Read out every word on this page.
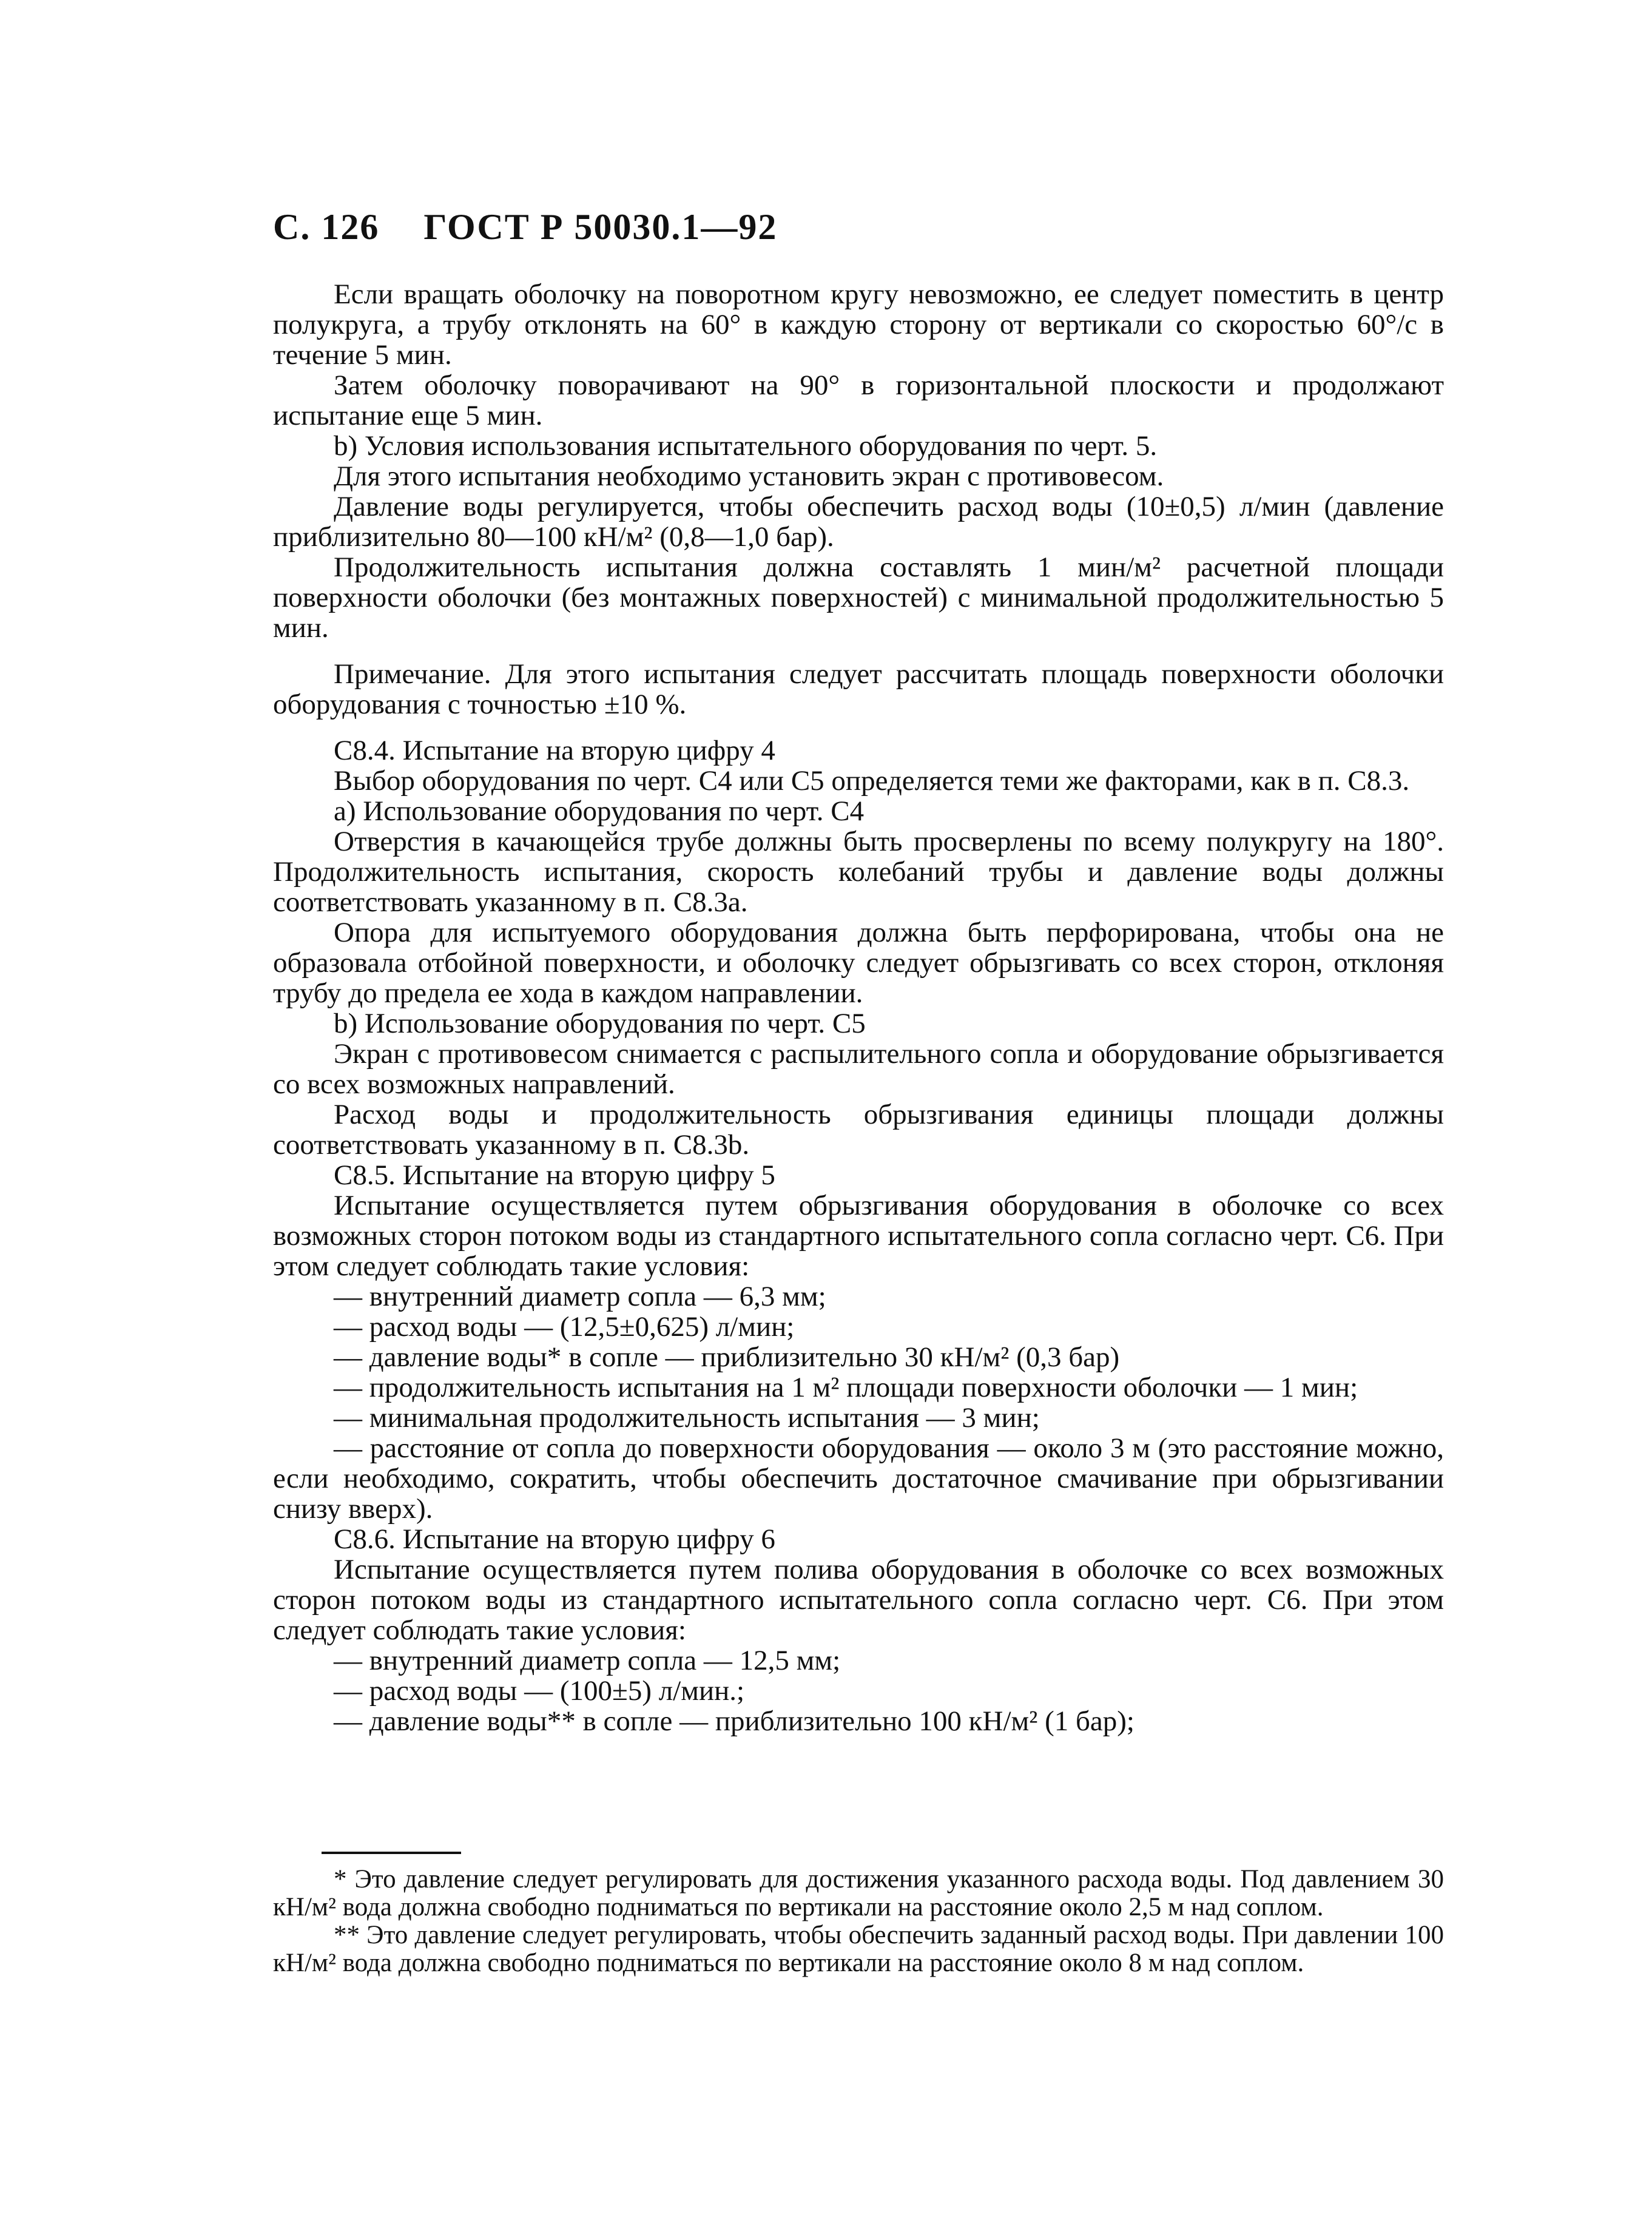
С. 126 ГОСТ Р 50030.1—92

Если вращать оболочку на поворотном кругу невозможно, ее следует поместить в центр полукруга, а трубу отклонять на 60° в каждую сторону от вертикали со скоростью 60°/с в течение 5 мин.

Затем оболочку поворачивают на 90° в горизонтальной плоскости и продолжают испытание еще 5 мин.

b) Условия использования испытательного оборудования по черт. 5.

Для этого испытания необходимо установить экран с противовесом.

Давление воды регулируется, чтобы обеспечить расход воды (10±0,5) л/мин (давление приблизительно 80—100 кН/м² (0,8—1,0 бар).

Продолжительность испытания должна составлять 1 мин/м² расчетной площади поверхности оболочки (без монтажных поверхностей) с минимальной продолжительностью 5 мин.

Примечание. Для этого испытания следует рассчитать площадь поверхности оболочки оборудования с точностью ±10 %.

С8.4. Испытание на вторую цифру 4

Выбор оборудования по черт. С4 или С5 определяется теми же факторами, как в п. С8.3.

а) Использование оборудования по черт. С4

Отверстия в качающейся трубе должны быть просверлены по всему полукругу на 180°. Продолжительность испытания, скорость колебаний трубы и давление воды должны соответствовать указанному в п. С8.3а.

Опора для испытуемого оборудования должна быть перфорирована, чтобы она не образовала отбойной поверхности, и оболочку следует обрызгивать со всех сторон, отклоняя трубу до предела ее хода в каждом направлении.

b) Использование оборудования по черт. С5

Экран с противовесом снимается с распылительного сопла и оборудование обрызгивается со всех возможных направлений.

Расход воды и продолжительность обрызгивания единицы площади должны соответствовать указанному в п. С8.3b.

С8.5. Испытание на вторую цифру 5

Испытание осуществляется путем обрызгивания оборудования в оболочке со всех возможных сторон потоком воды из стандартного испытательного сопла согласно черт. С6. При этом следует соблюдать такие условия:

— внутренний диаметр сопла — 6,3 мм;

— расход воды — (12,5±0,625) л/мин;

— давление воды* в сопле — приблизительно 30 кН/м² (0,3 бар)

— продолжительность испытания на 1 м² площади поверхности оболочки — 1 мин;

— минимальная продолжительность испытания — 3 мин;

— расстояние от сопла до поверхности оборудования — около 3 м (это расстояние можно, если необходимо, сократить, чтобы обеспечить достаточное смачивание при обрызгивании снизу вверх).

С8.6. Испытание на вторую цифру 6

Испытание осуществляется путем полива оборудования в оболочке со всех возможных сторон потоком воды из стандартного испытательного сопла согласно черт. С6. При этом следует соблюдать такие условия:

— внутренний диаметр сопла — 12,5 мм;

— расход воды — (100±5) л/мин.;

— давление воды** в сопле — приблизительно 100 кН/м² (1 бар);

* Это давление следует регулировать для достижения указанного расхода воды. Под давлением 30 кН/м² вода должна свободно подниматься по вертикали на расстояние около 2,5 м над соплом.

** Это давление следует регулировать, чтобы обеспечить заданный расход воды. При давлении 100 кН/м² вода должна свободно подниматься по вертикали на расстояние около 8 м над соплом.
